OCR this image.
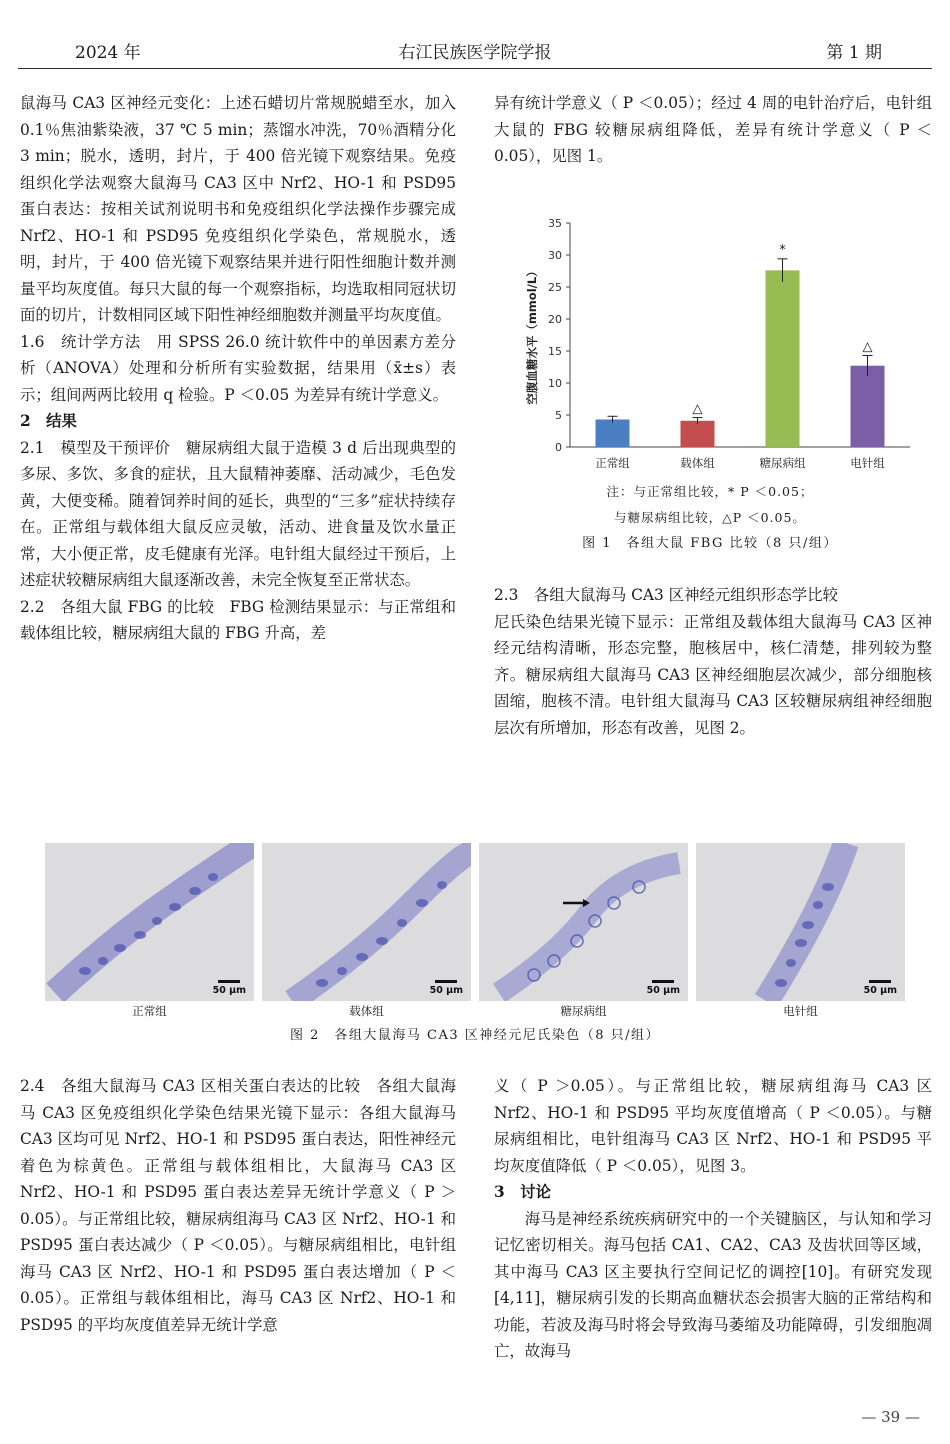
2024 年	右江民族医学院学报	第 1 期

鼠海马 CA3 区神经元变化：上述石蜡切片常规脱蜡至水，加入 0.1％焦油紫染液，37 ℃ 5 min；蒸馏水冲洗，70％酒精分化 3 min；脱水，透明，封片，于 400 倍光镜下观察结果。免疫组织化学法观察大鼠海马 CA3 区中 Nrf2、HO-1 和 PSD95 蛋白表达：按相关试剂说明书和免疫组织化学法操作步骤完成 Nrf2、HO-1 和 PSD95 免疫组织化学染色，常规脱水，透明，封片，于 400 倍光镜下观察结果并进行阳性细胞计数并测量平均灰度值。每只大鼠的每一个观察指标，均选取相同冠状切面的切片，计数相同区域下阳性神经细胞数并测量平均灰度值。

1.6　统计学方法　用 SPSS 26.0 统计软件中的单因素方差分析（ANOVA）处理和分析所有实验数据，结果用（x̄±s）表示；组间两两比较用 q 检验。P ＜0.05 为差异有统计学意义。

2　结果

2.1　模型及干预评价　糖尿病组大鼠于造模 3 d 后出现典型的多尿、多饮、多食的症状，且大鼠精神萎靡、活动减少，毛色发黄，大便变稀。随着饲养时间的延长，典型的“三多”症状持续存在。正常组与载体组大鼠反应灵敏，活动、进食量及饮水量正常，大小便正常，皮毛健康有光泽。电针组大鼠经过干预后，上述症状较糖尿病组大鼠逐渐改善，未完全恢复至正常状态。

2.2　各组大鼠 FBG 的比较　FBG 检测结果显示：与正常组和载体组比较，糖尿病组大鼠的 FBG 升高，差

异有统计学意义（ P ＜0.05）；经过 4 周的电针治疗后，电针组大鼠的 FBG 较糖尿病组降低，差异有统计学意义（ P ＜0.05），见图 1。

0
5
10
15
20
25
30
35
空腹血糖水平（mmol/L）
正常组
△
载体组
*
糖尿病组
△
电针组
注：与正常组比较，* P ＜0.05；
与糖尿病组比较，△P ＜0.05。
图 1　各组大鼠 FBG 比较（8 只/组）

2.3　各组大鼠海马 CA3 区神经元组织形态学比较

尼氏染色结果光镜下显示：正常组及载体组大鼠海马 CA3 区神经元结构清晰，形态完整，胞核居中，核仁清楚，排列较为整齐。糖尿病组大鼠海马 CA3 区神经细胞层次减少，部分细胞核固缩，胞核不清。电针组大鼠海马 CA3 区较糖尿病组神经细胞层次有所增加，形态有改善，见图 2。

50 μm	50 μm	50 μm	50 μm
正常组	载体组	糖尿病组	电针组
图 2　各组大鼠海马 CA3 区神经元尼氏染色（8 只/组）

2.4　各组大鼠海马 CA3 区相关蛋白表达的比较　各组大鼠海马 CA3 区免疫组织化学染色结果光镜下显示：各组大鼠海马 CA3 区均可见 Nrf2、HO-1 和 PSD95 蛋白表达，阳性神经元着色为棕黄色。正常组与载体组相比，大鼠海马 CA3 区 Nrf2、HO-1 和 PSD95 蛋白表达差异无统计学意义（ P ＞0.05）。与正常组比较，糖尿病组海马 CA3 区 Nrf2、HO-1 和 PSD95 蛋白表达减少（ P ＜0.05）。与糖尿病组相比，电针组海马 CA3 区 Nrf2、HO-1 和 PSD95 蛋白表达增加（ P ＜0.05）。正常组与载体组相比，海马 CA3 区 Nrf2、HO-1 和 PSD95 的平均灰度值差异无统计学意

义（ P ＞0.05）。与正常组比较，糖尿病组海马 CA3 区 Nrf2、HO-1 和 PSD95 平均灰度值增高（ P ＜0.05）。与糖尿病组相比，电针组海马 CA3 区 Nrf2、HO-1 和 PSD95 平均灰度值降低（ P ＜0.05），见图 3。

3　讨论

海马是神经系统疾病研究中的一个关键脑区，与认知和学习记忆密切相关。海马包括 CA1、CA2、CA3 及齿状回等区域，其中海马 CA3 区主要执行空间记忆的调控[10]。有研究发现[4,11]，糖尿病引发的长期高血糖状态会损害大脑的正常结构和功能，若波及海马时将会导致海马萎缩及功能障碍，引发细胞凋亡，故海马

— 39 —
